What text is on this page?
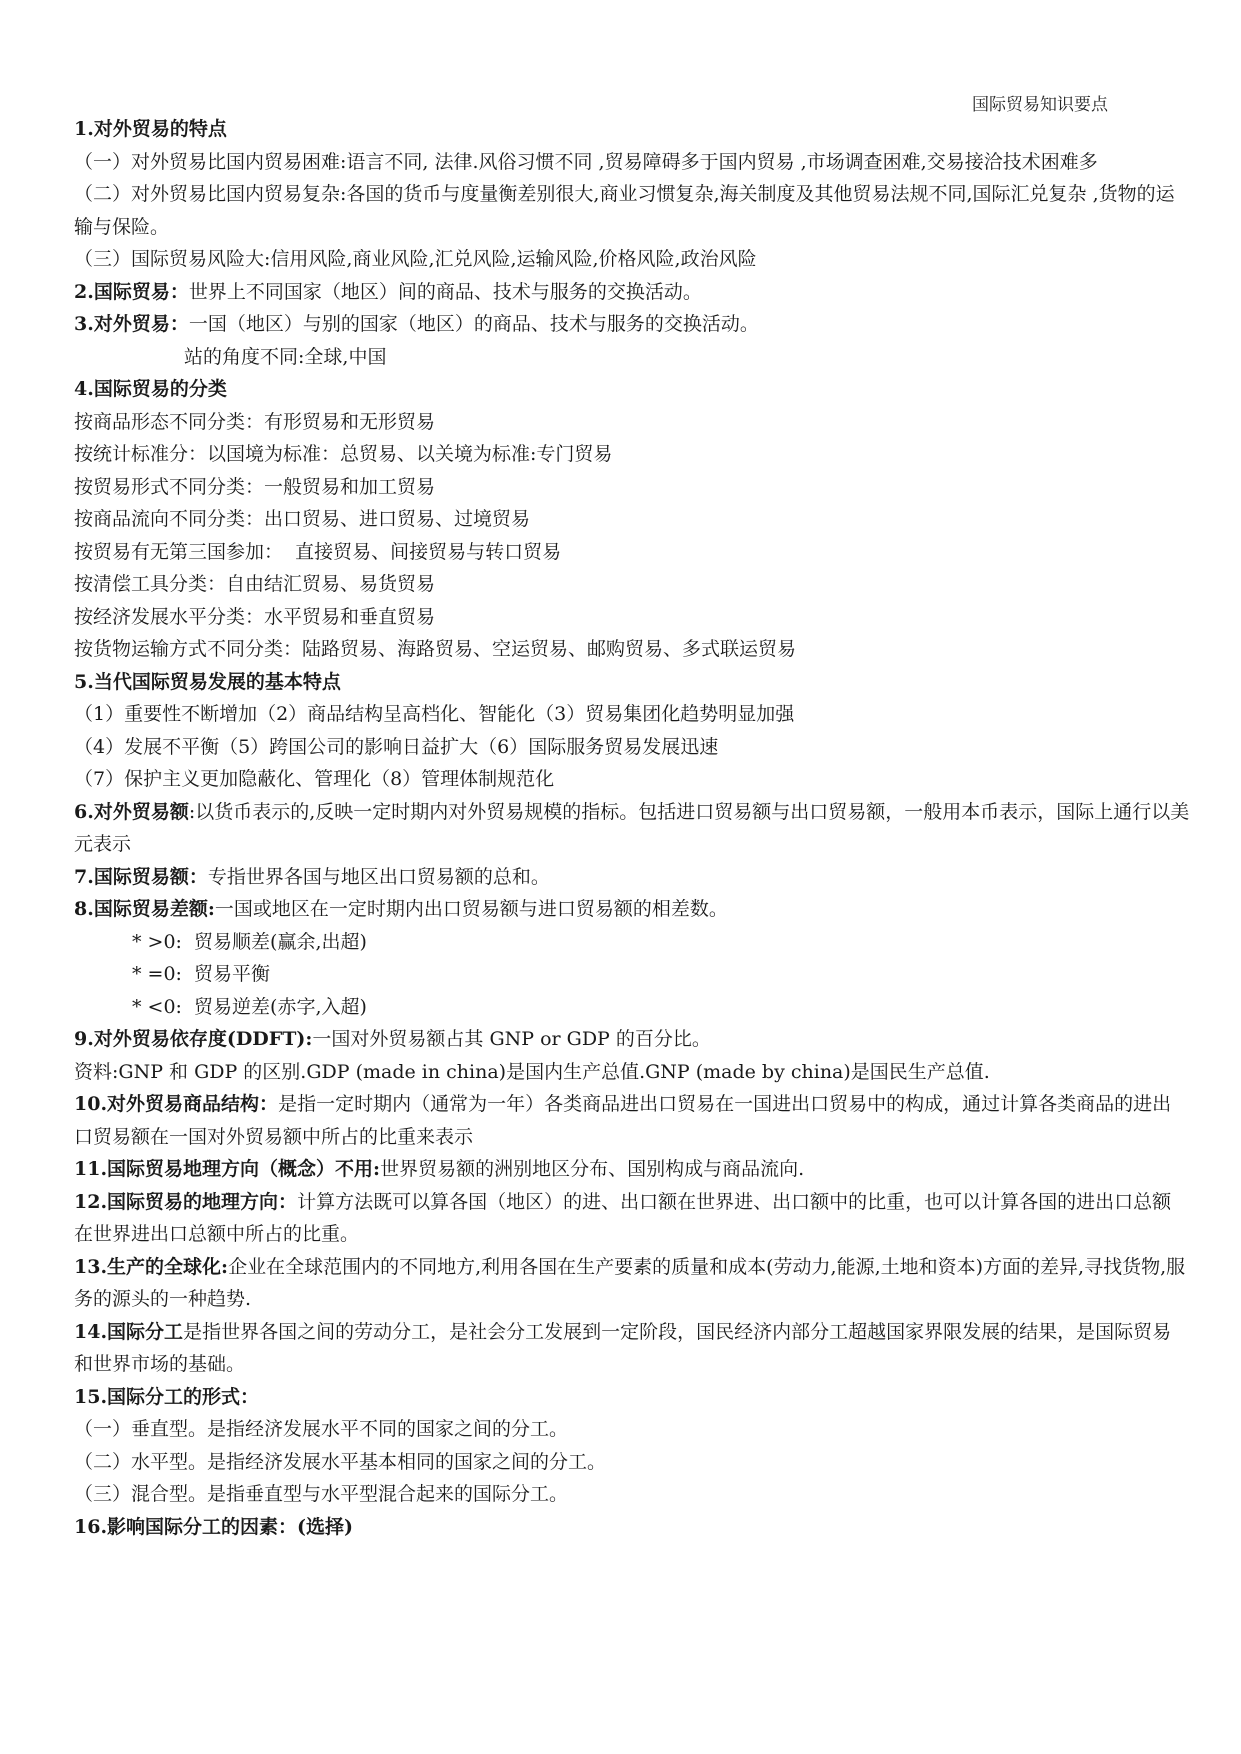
国际贸易知识要点
1.对外贸易的特点
（一）对外贸易比国内贸易困难:语言不同, 法律.风俗习惯不同 ,贸易障碍多于国内贸易 ,市场调查困难,交易接洽技术困难多
（二）对外贸易比国内贸易复杂:各国的货币与度量衡差别很大,商业习惯复杂,海关制度及其他贸易法规不同,国际汇兑复杂 ,货物的运输与保险。
（三）国际贸易风险大:信用风险,商业风险,汇兑风险,运输风险,价格风险,政治风险
2.国际贸易：世界上不同国家（地区）间的商品、技术与服务的交换活动。
3.对外贸易：一国（地区）与别的国家（地区）的商品、技术与服务的交换活动。
站的角度不同:全球,中国
4.国际贸易的分类
按商品形态不同分类：有形贸易和无形贸易
按统计标准分：以国境为标准：总贸易、以关境为标准:专门贸易
按贸易形式不同分类：一般贸易和加工贸易
按商品流向不同分类：出口贸易、进口贸易、过境贸易
按贸易有无第三国参加：  直接贸易、间接贸易与转口贸易
按清偿工具分类：自由结汇贸易、易货贸易
按经济发展水平分类：水平贸易和垂直贸易
按货物运输方式不同分类：陆路贸易、海路贸易、空运贸易、邮购贸易、多式联运贸易
5.当代国际贸易发展的基本特点
（1）重要性不断增加（2）商品结构呈高档化、智能化（3）贸易集团化趋势明显加强
（4）发展不平衡（5）跨国公司的影响日益扩大（6）国际服务贸易发展迅速
（7）保护主义更加隐蔽化、管理化（8）管理体制规范化
6.对外贸易额:以货币表示的,反映一定时期内对外贸易规模的指标。包括进口贸易额与出口贸易额，一般用本币表示，国际上通行以美元表示
7.国际贸易额：专指世界各国与地区出口贸易额的总和。
8.国际贸易差额:一国或地区在一定时期内出口贸易额与进口贸易额的相差数。
* >0:  贸易顺差(赢余,出超)
* =0:  贸易平衡
* <0:  贸易逆差(赤字,入超)
9.对外贸易依存度(DDFT):一国对外贸易额占其 GNP or GDP 的百分比。
资料:GNP 和 GDP 的区别.GDP (made in china)是国内生产总值.GNP (made by china)是国民生产总值.
10.对外贸易商品结构：是指一定时期内（通常为一年）各类商品进出口贸易在一国进出口贸易中的构成，通过计算各类商品的进出口贸易额在一国对外贸易额中所占的比重来表示
11.国际贸易地理方向（概念）不用:世界贸易额的洲别地区分布、国别构成与商品流向.
12.国际贸易的地理方向：计算方法既可以算各国（地区）的进、出口额在世界进、出口额中的比重，也可以计算各国的进出口总额在世界进出口总额中所占的比重。
13.生产的全球化:企业在全球范围内的不同地方,利用各国在生产要素的质量和成本(劳动力,能源,土地和资本)方面的差异,寻找货物,服务的源头的一种趋势.
14.国际分工是指世界各国之间的劳动分工，是社会分工发展到一定阶段，国民经济内部分工超越国家界限发展的结果，是国际贸易和世界市场的基础。
15.国际分工的形式：
（一）垂直型。是指经济发展水平不同的国家之间的分工。
（二）水平型。是指经济发展水平基本相同的国家之间的分工。
（三）混合型。是指垂直型与水平型混合起来的国际分工。
16.影响国际分工的因素：(选择)
